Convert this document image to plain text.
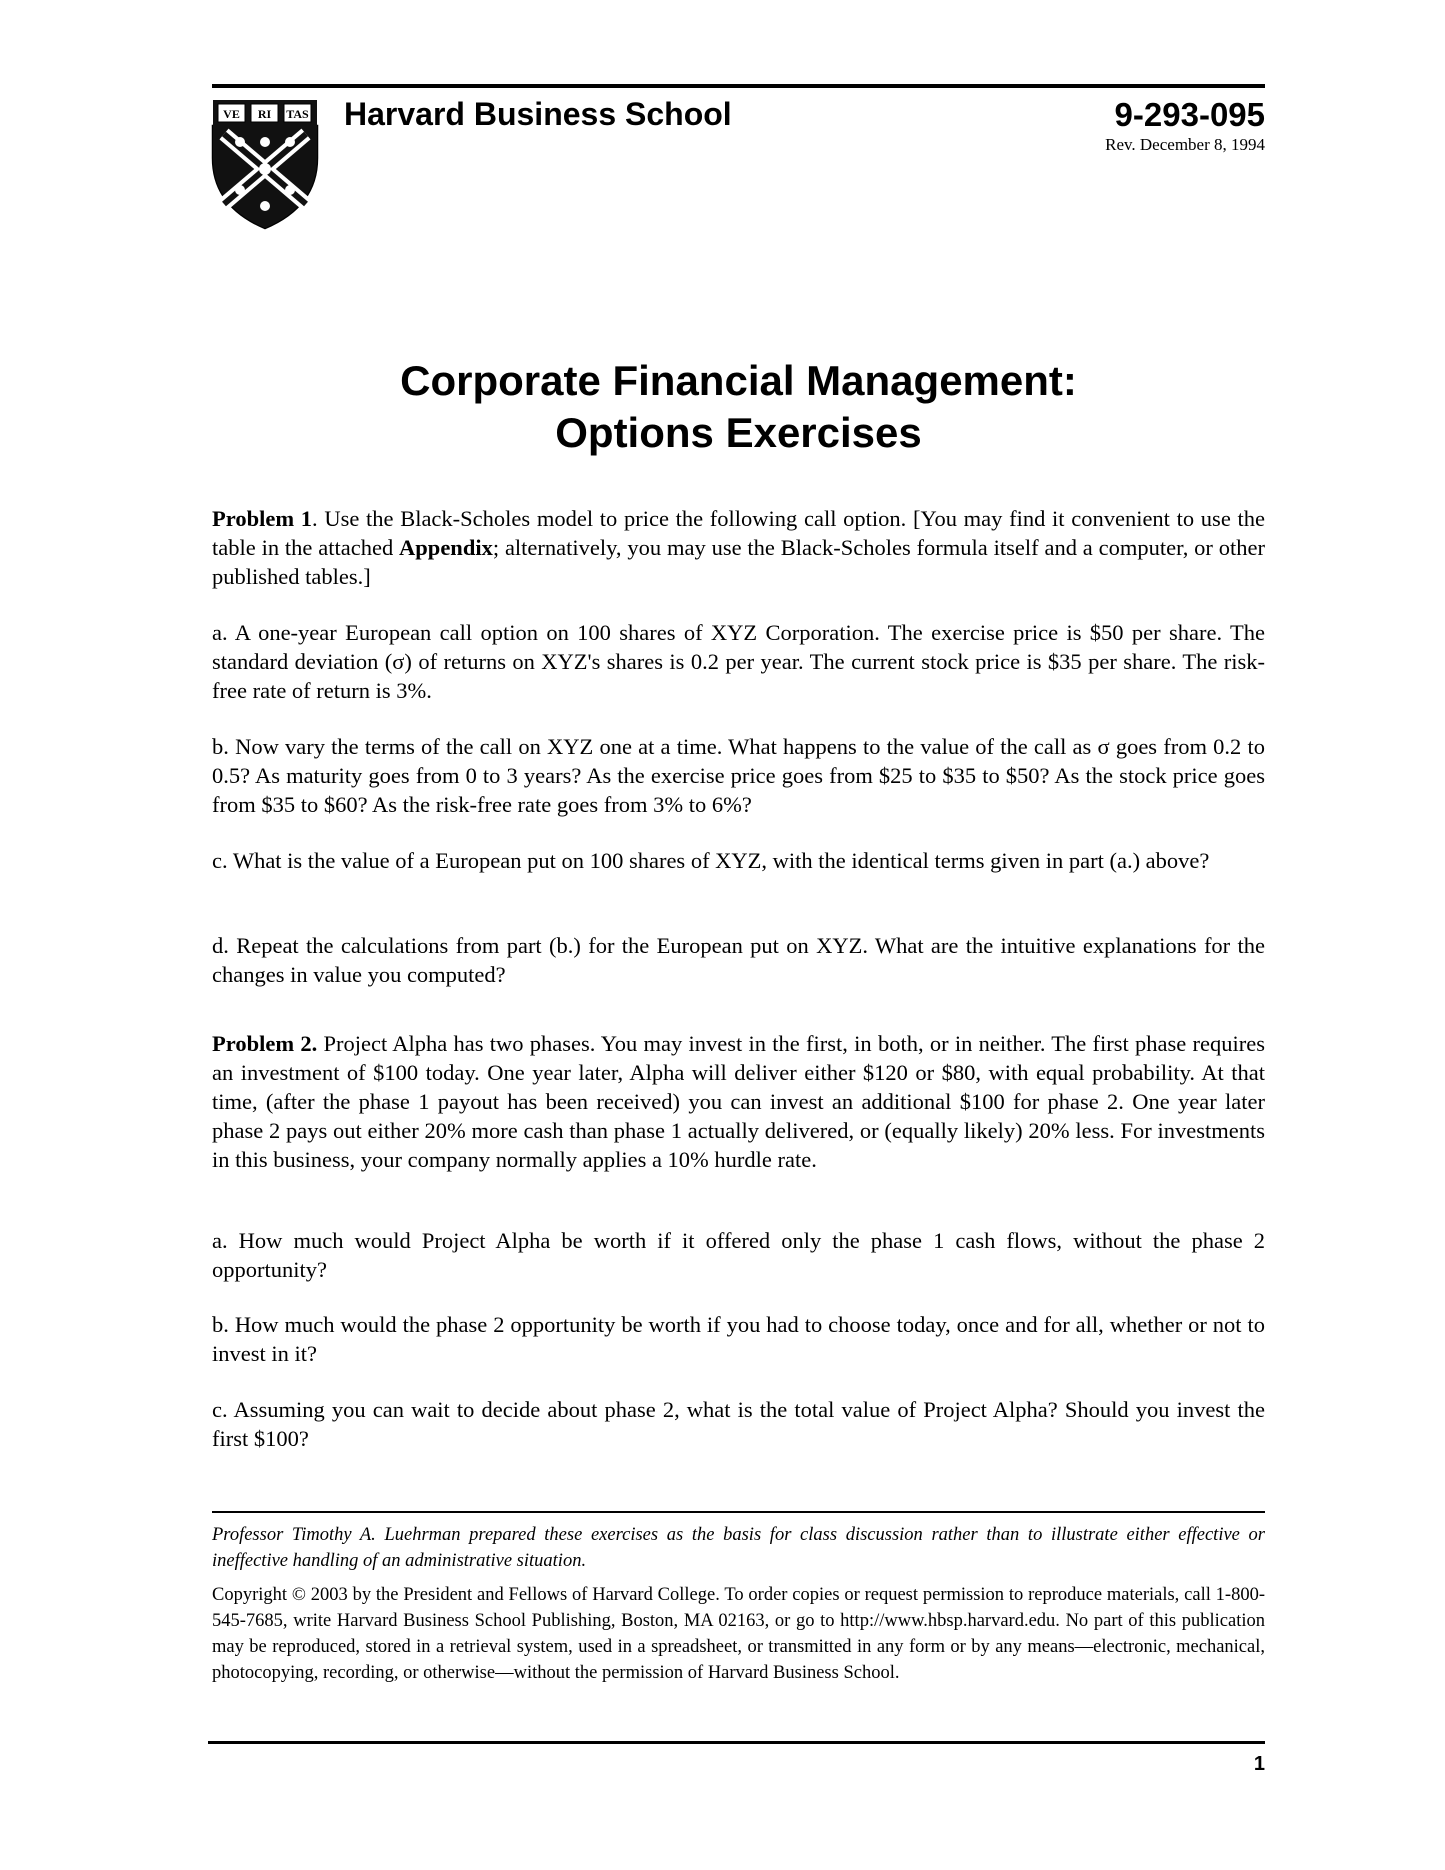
VE RI TAS Harvard Business School	9-293-095
Rev. December 8, 1994
Corporate Financial Management:
Options Exercises
Problem 1. Use the Black-Scholes model to price the following call option. [You may find it convenient to use the table in the attached Appendix; alternatively, you may use the Black-Scholes formula itself and a computer, or other published tables.]
a. A one-year European call option on 100 shares of XYZ Corporation. The exercise price is $50 per share. The standard deviation (σ) of returns on XYZ's shares is 0.2 per year. The current stock price is $35 per share. The risk-free rate of return is 3%.
b. Now vary the terms of the call on XYZ one at a time. What happens to the value of the call as σ goes from 0.2 to 0.5? As maturity goes from 0 to 3 years? As the exercise price goes from $25 to $35 to $50? As the stock price goes from $35 to $60? As the risk-free rate goes from 3% to 6%?
c. What is the value of a European put on 100 shares of XYZ, with the identical terms given in part (a.) above?
d. Repeat the calculations from part (b.) for the European put on XYZ. What are the intuitive explanations for the changes in value you computed?
Problem 2. Project Alpha has two phases. You may invest in the first, in both, or in neither. The first phase requires an investment of $100 today. One year later, Alpha will deliver either $120 or $80, with equal probability. At that time, (after the phase 1 payout has been received) you can invest an additional $100 for phase 2. One year later phase 2 pays out either 20% more cash than phase 1 actually delivered, or (equally likely) 20% less. For investments in this business, your company normally applies a 10% hurdle rate.
a. How much would Project Alpha be worth if it offered only the phase 1 cash flows, without the phase 2 opportunity?
b. How much would the phase 2 opportunity be worth if you had to choose today, once and for all, whether or not to invest in it?
c. Assuming you can wait to decide about phase 2, what is the total value of Project Alpha? Should you invest the first $100?
Professor Timothy A. Luehrman prepared these exercises as the basis for class discussion rather than to illustrate either effective or ineffective handling of an administrative situation.
Copyright © 2003 by the President and Fellows of Harvard College. To order copies or request permission to reproduce materials, call 1-800-545-7685, write Harvard Business School Publishing, Boston, MA 02163, or go to http://www.hbsp.harvard.edu. No part of this publication may be reproduced, stored in a retrieval system, used in a spreadsheet, or transmitted in any form or by any means—electronic, mechanical, photocopying, recording, or otherwise—without the permission of Harvard Business School.
1
